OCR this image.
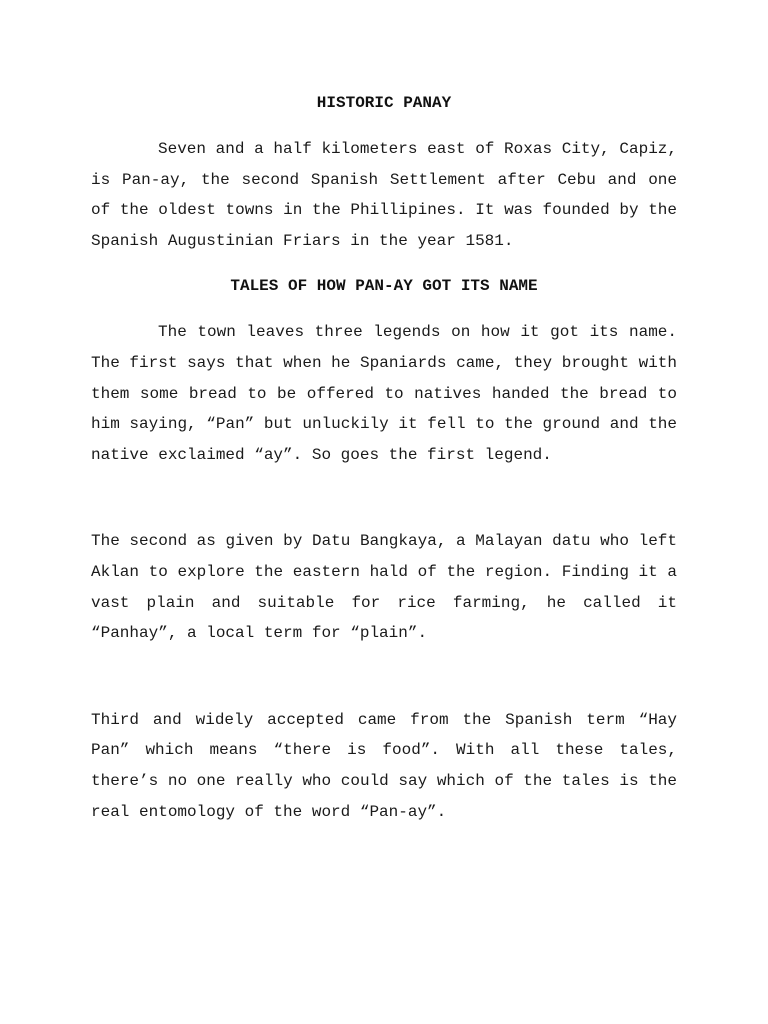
HISTORIC PANAY

Seven and a half kilometers east of Roxas City, Capiz, is Pan-ay, the second Spanish Settlement after Cebu and one of the oldest towns in the Phillipines. It was founded by the Spanish Augustinian Friars in the year 1581.

TALES OF HOW PAN-AY GOT ITS NAME

The town leaves three legends on how it got its name. The first says that when he Spaniards came, they brought with them some bread to be offered to natives handed the bread to him saying, “Pan” but unluckily it fell to the ground and the native exclaimed “ay”. So goes the first legend.

The second as given by Datu Bangkaya, a Malayan datu who left Aklan to explore the eastern hald of the region. Finding it a vast plain and suitable for rice farming, he called it “Panhay”, a local term for “plain”.

Third and widely accepted came from the Spanish term “Hay Pan” which means “there is food”. With all these tales, there’s no one really who could say which of the tales is the real entomology of the word “Pan-ay”.
